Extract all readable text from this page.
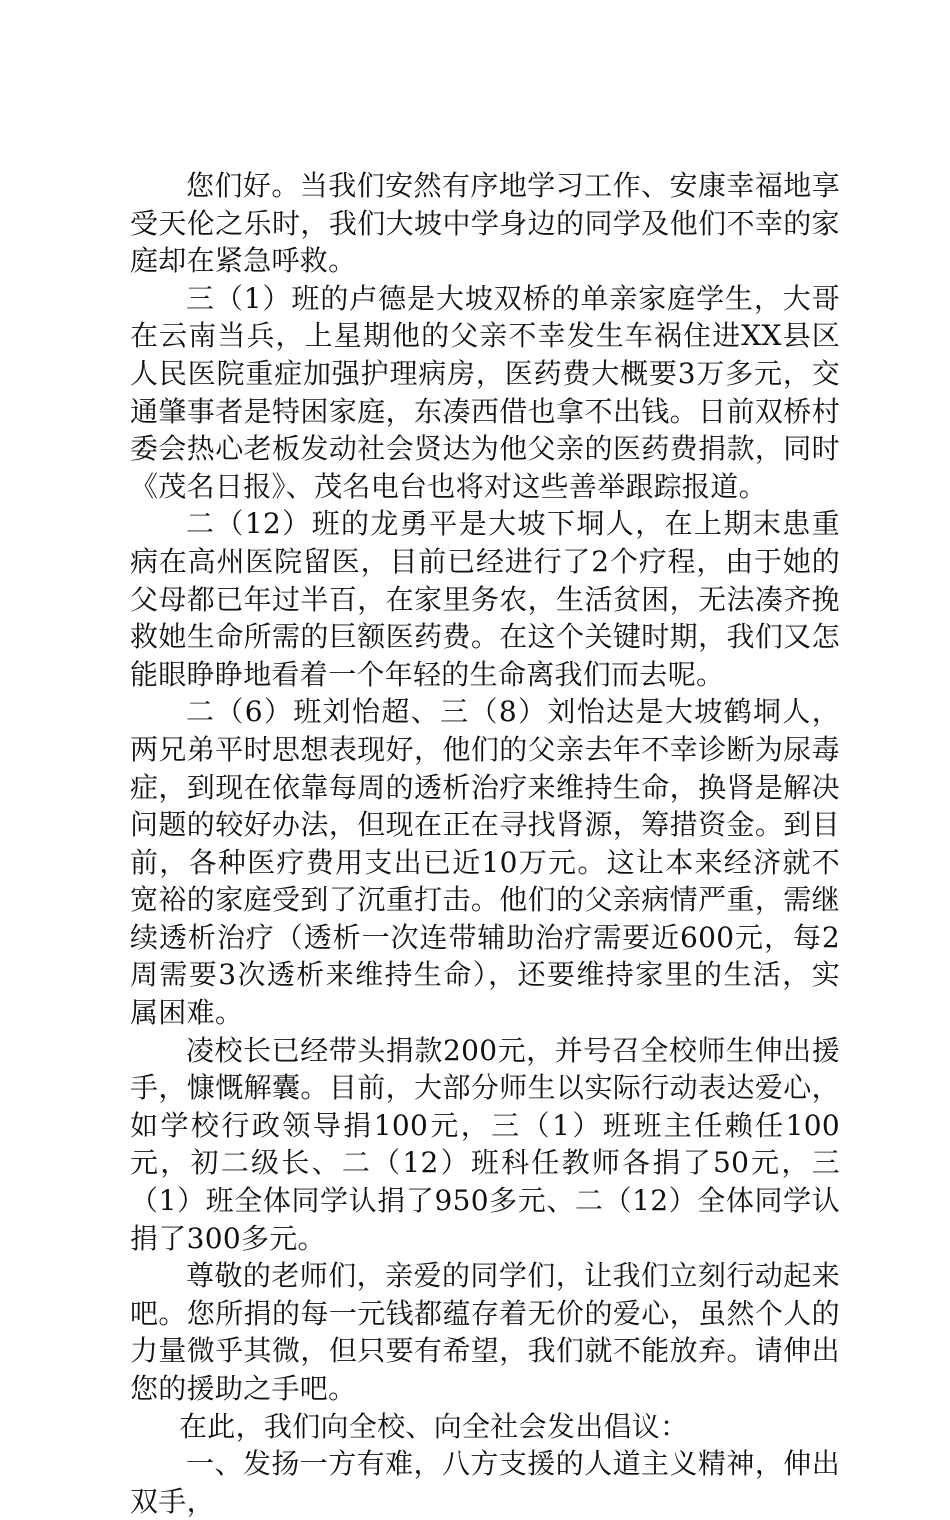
您们好。当我们安然有序地学习工作、安康幸福地享受天伦之乐时，我们大坡中学身边的同学及他们不幸的家庭却在紧急呼救。

三（1）班的卢德是大坡双桥的单亲家庭学生，大哥在云南当兵，上星期他的父亲不幸发生车祸住进XX县区人民医院重症加强护理病房，医药费大概要3万多元，交通肇事者是特困家庭，东凑西借也拿不出钱。日前双桥村委会热心老板发动社会贤达为他父亲的医药费捐款，同时《茂名日报》、茂名电台也将对这些善举跟踪报道。

二（12）班的龙勇平是大坡下垌人，在上期末患重病在高州医院留医，目前已经进行了2个疗程，由于她的父母都已年过半百，在家里务农，生活贫困，无法凑齐挽救她生命所需的巨额医药费。在这个关键时期，我们又怎能眼睁睁地看着一个年轻的生命离我们而去呢。

二（6）班刘怡超、三（8）刘怡达是大坡鹤垌人，两兄弟平时思想表现好，他们的父亲去年不幸诊断为尿毒症，到现在依靠每周的透析治疗来维持生命，换肾是解决问题的较好办法，但现在正在寻找肾源，筹措资金。到目前，各种医疗费用支出已近10万元。这让本来经济就不宽裕的家庭受到了沉重打击。他们的父亲病情严重，需继续透析治疗（透析一次连带辅助治疗需要近600元，每2周需要3次透析来维持生命），还要维持家里的生活，实属困难。

凌校长已经带头捐款200元，并号召全校师生伸出援手，慷慨解囊。目前，大部分师生以实际行动表达爱心，如学校行政领导捐100元，三（1）班班主任赖任100元，初二级长、二（12）班科任教师各捐了50元，三（1）班全体同学认捐了950多元、二（12）全体同学认捐了300多元。

尊敬的老师们，亲爱的同学们，让我们立刻行动起来吧。您所捐的每一元钱都蕴存着无价的爱心，虽然个人的力量微乎其微，但只要有希望，我们就不能放弃。请伸出您的援助之手吧。

在此，我们向全校、向全社会发出倡议：

一、发扬一方有难，八方支援的人道主义精神，伸出双手，
